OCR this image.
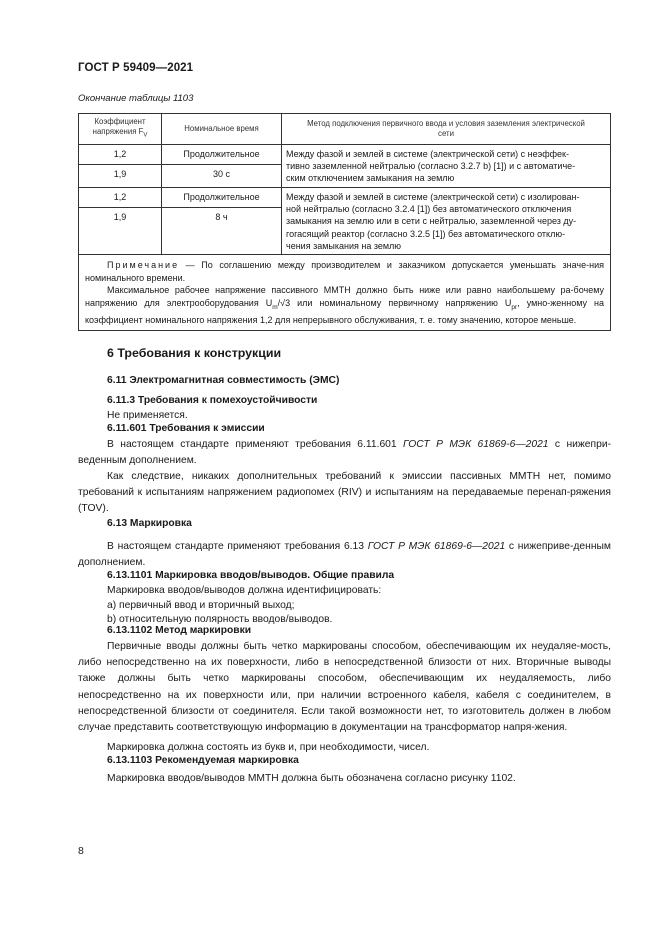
ГОСТ Р 59409—2021
Окончание таблицы 1103
Коэффициент
напряжения $F_V$	Номинальное время	Метод подключения первичного ввода и условия заземления электрической
сети

1,2	Продолжительное	Между фазой и землей в системе (электрической сети) с неэффек-
тивно заземленной нейтралью (согласно 3.2.7 b) [1]) и с автоматиче-
ским отключением замыкания на землю

1,9	30 с	

1,2	Продолжительное	Между фазой и землей в системе (электрической сети) с изолирован-
ной нейтралью (согласно 3.2.4 [1]) без автоматического отключения
замыкания на землю или в сети с нейтралью, заземленной через ду-
гогасящий реактор (согласно 3.2.5 [1]) без автоматического отклю-
чения замыкания на землю

1,9	8 ч	

Примечание — По соглашению между производителем и заказчиком допускается уменьшать значе-ния номинального времени.

Максимальное рабочее напряжение пассивного ММТН должно быть ниже или равно наибольшему ра-бочему напряжению для электрооборудования $U_m/√3$ или номинальному первичному напряжению $U_{pr}$, умно-женному на коэффициент номинального напряжения 1,2 для непрерывного обслуживания, т. е. тому значению, которое меньше.		

6 Требования к конструкции
6.11 Электромагнитная совместимость (ЭМС)
6.11.3 Требования к помехоустойчивости
Не применяется.
6.11.601 Требования к эмиссии
В настоящем стандарте применяют требования 6.11.601 ГОСТ Р МЭК 61869-6—2021 с нижепри-веденным дополнением.
Как следствие, никаких дополнительных требований к эмиссии пассивных ММТН нет, помимо требований к испытаниям напряжением радиопомех (RIV) и испытаниям на передаваемые перенап-ряжения (TOV).
6.13 Маркировка
В настоящем стандарте применяют требования 6.13 ГОСТ Р МЭК 61869-6—2021 с нижеприве-денным дополнением.
6.13.1101 Маркировка вводов/выводов. Общие правила
Маркировка вводов/выводов должна идентифицировать:
a) первичный ввод и вторичный выход;
b) относительную полярность вводов/выводов.
6.13.1102 Метод маркировки
Первичные вводы должны быть четко маркированы способом, обеспечивающим их неудаляе-мость, либо непосредственно на их поверхности, либо в непосредственной близости от них. Вторичные выводы также должны быть четко маркированы способом, обеспечивающим их неудаляемость, либо непосредственно на их поверхности или, при наличии встроенного кабеля, кабеля с соединителем, в непосредственной близости от соединителя. Если такой возможности нет, то изготовитель должен в любом случае представить соответствующую информацию в документации на трансформатор напря-жения.
Маркировка должна состоять из букв и, при необходимости, чисел.
6.13.1103 Рекомендуемая маркировка
Маркировка вводов/выводов ММТН должна быть обозначена согласно рисунку 1102.
8
